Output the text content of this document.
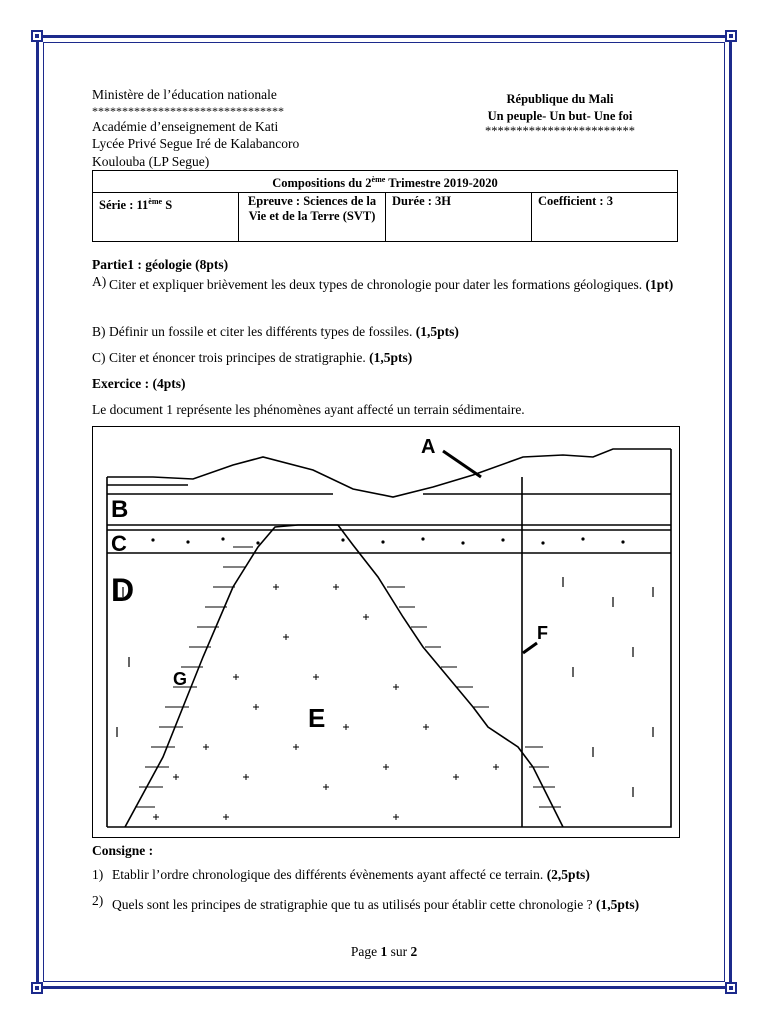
Ministère de l’éducation nationale
********************************
Académie d’enseignement de Kati
Lycée Privé Segue Iré de Kalabancoro
Koulouba (LP Segue)
République du Mali
Un peuple- Un but- Une foi
************************
Compositions du 2ème Trimestre 2019-2020
Série : 11ème S	Epreuve : Sciences de la Vie et de la Terre (SVT)	Durée : 3H	Coefficient : 3
Partie1 : géologie (8pts)
A) Citer et expliquer brièvement les deux types de chronologie pour dater les formations géologiques. (1pt)
B) Définir un fossile et citer les différents types de fossiles. (1,5pts)
C) Citer et énoncer trois principes de stratigraphie. (1,5pts)
Exercice : (4pts)
Le document 1 représente les phénomènes ayant affecté un terrain sédimentaire.
A
B
C
D
E
F
G
Consigne :
1) Etablir l’ordre chronologique des différents évènements ayant affecté ce terrain. (2,5pts)
2) Quels sont les principes de stratigraphie que tu as utilisés pour établir cette chronologie ? (1,5pts)
Page 1 sur 2
